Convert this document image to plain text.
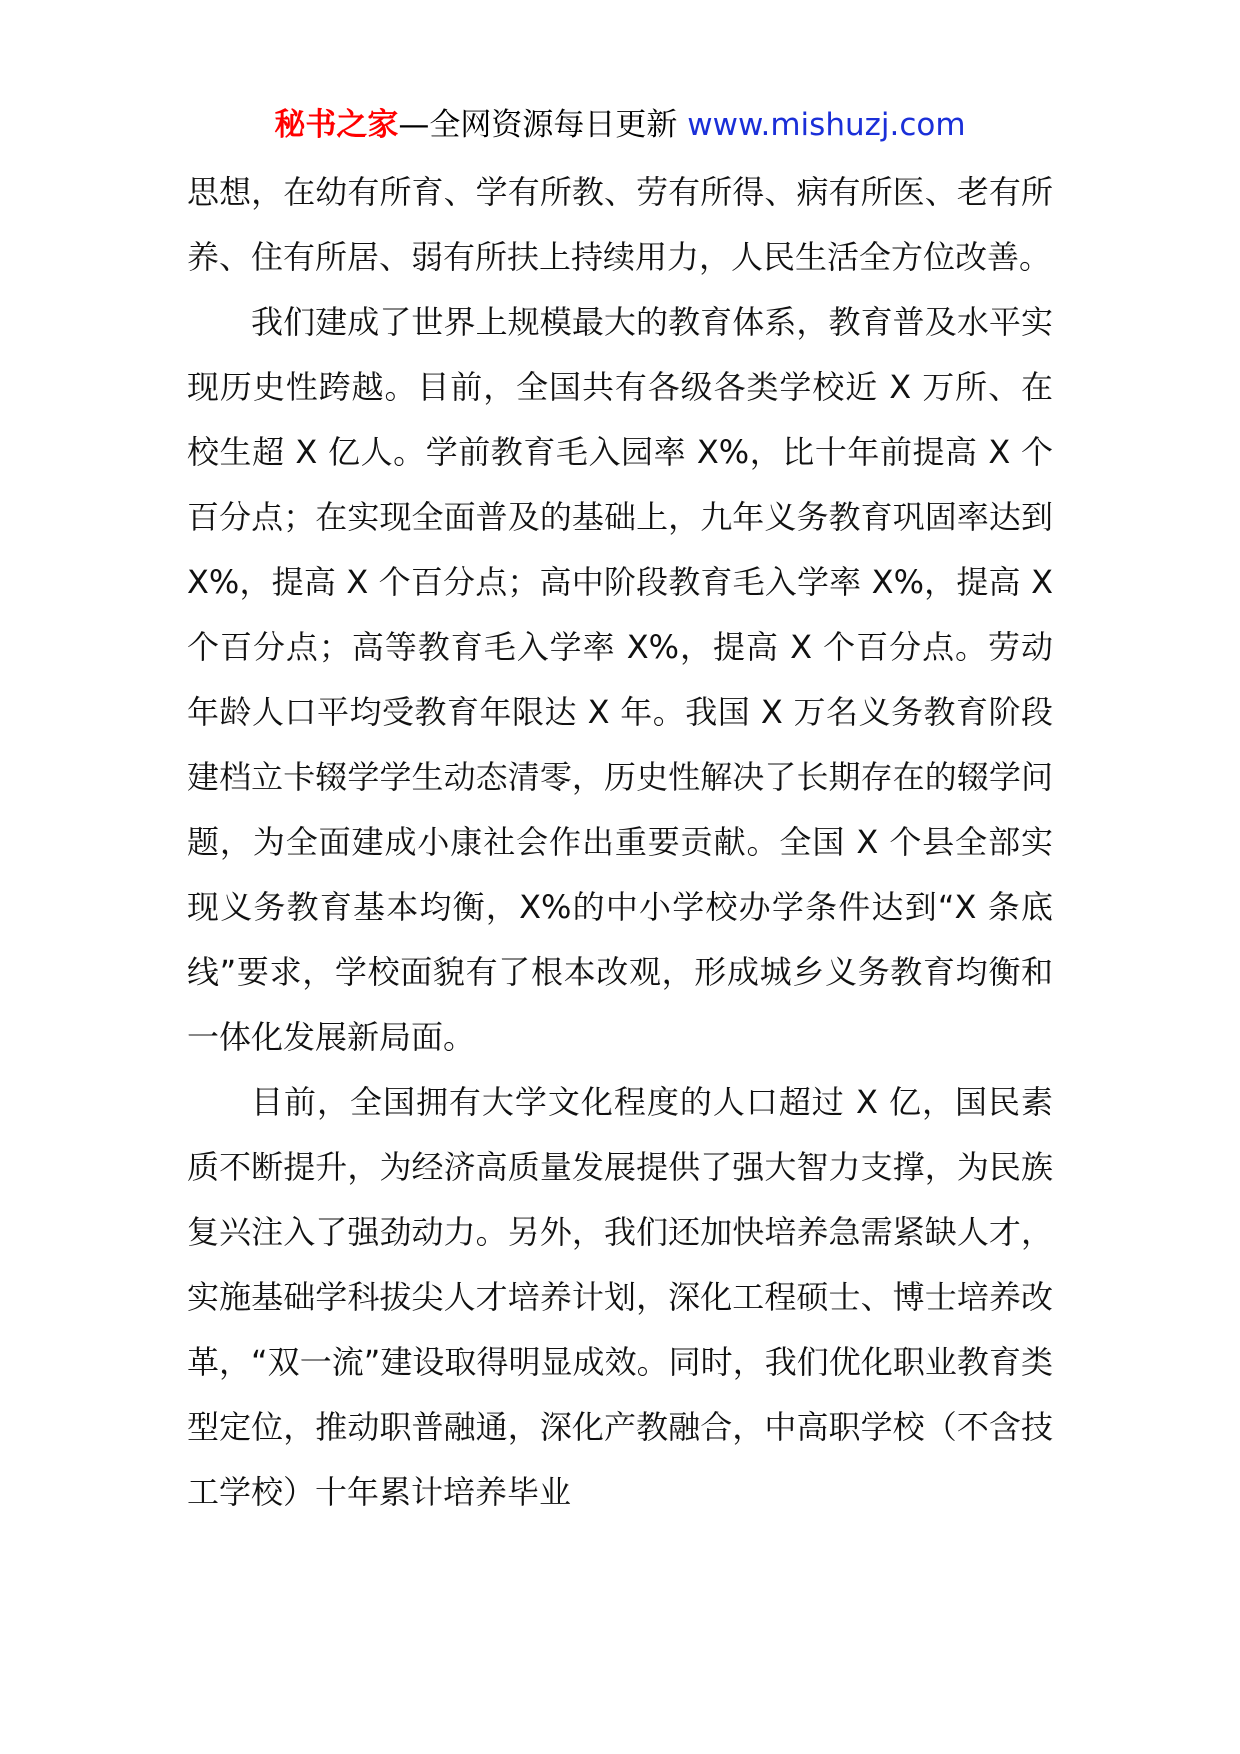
秘书之家—全网资源每日更新 www.mishuzj.com

思想，在幼有所育、学有所教、劳有所得、病有所医、老有所养、住有所居、弱有所扶上持续用力，人民生活全方位改善。

我们建成了世界上规模最大的教育体系，教育普及水平实现历史性跨越。目前，全国共有各级各类学校近 X 万所、在校生超 X 亿人。学前教育毛入园率 X%，比十年前提高 X 个百分点；在实现全面普及的基础上，九年义务教育巩固率达到 X%，提高 X 个百分点；高中阶段教育毛入学率 X%，提高 X 个百分点；高等教育毛入学率 X%，提高 X 个百分点。劳动年龄人口平均受教育年限达 X 年。我国 X 万名义务教育阶段建档立卡辍学学生动态清零，历史性解决了长期存在的辍学问题，为全面建成小康社会作出重要贡献。全国 X 个县全部实现义务教育基本均衡，X%的中小学校办学条件达到“X 条底线”要求，学校面貌有了根本改观，形成城乡义务教育均衡和一体化发展新局面。

目前，全国拥有大学文化程度的人口超过 X 亿，国民素质不断提升，为经济高质量发展提供了强大智力支撑，为民族复兴注入了强劲动力。另外，我们还加快培养急需紧缺人才，实施基础学科拔尖人才培养计划，深化工程硕士、博士培养改革，“双一流”建设取得明显成效。同时，我们优化职业教育类型定位，推动职普融通，深化产教融合，中高职学校（不含技工学校）十年累计培养毕业
